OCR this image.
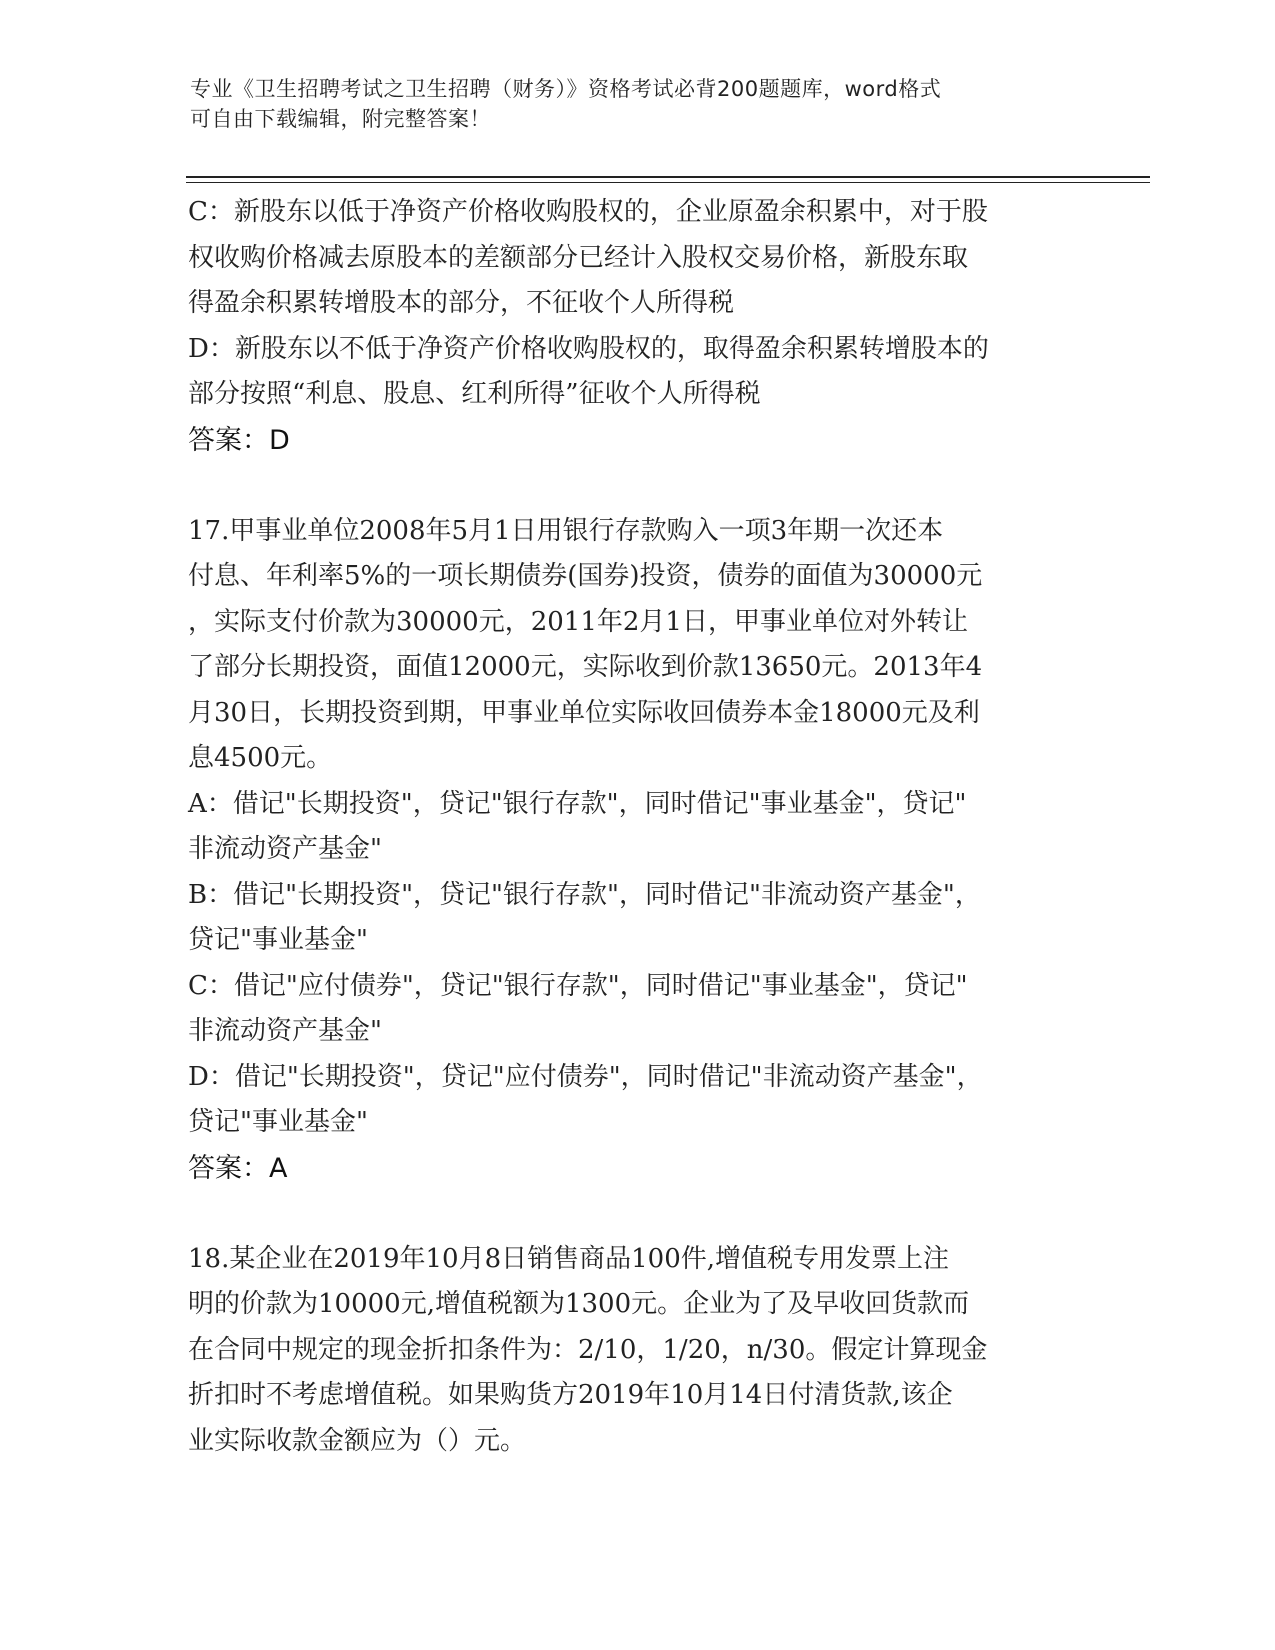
专业《卫生招聘考试之卫生招聘（财务）》资格考试必背200题题库，word格式
可自由下载编辑，附完整答案！
C：新股东以低于净资产价格收购股权的，企业原盈余积累中，对于股
权收购价格减去原股本的差额部分已经计入股权交易价格，新股东取
得盈余积累转增股本的部分，不征收个人所得税
D：新股东以不低于净资产价格收购股权的，取得盈余积累转增股本的
部分按照“利息、股息、红利所得”征收个人所得税
答案：D
17.甲事业单位2008年5月1日用银行存款购入一项3年期一次还本
付息、年利率5%的一项长期债券(国券)投资，债券的面值为30000元
，实际支付价款为30000元，2011年2月1日，甲事业单位对外转让
了部分长期投资，面值12000元，实际收到价款13650元。2013年4
月30日，长期投资到期，甲事业单位实际收回债券本金18000元及利
息4500元。
A：借记"长期投资"，贷记"银行存款"，同时借记"事业基金"，贷记"
非流动资产基金"
B：借记"长期投资"，贷记"银行存款"，同时借记"非流动资产基金"，
贷记"事业基金"
C：借记"应付债券"，贷记"银行存款"，同时借记"事业基金"，贷记"
非流动资产基金"
D：借记"长期投资"，贷记"应付债券"，同时借记"非流动资产基金"，
贷记"事业基金"
答案：A
18.某企业在2019年10月8日销售商品100件,增值税专用发票上注
明的价款为10000元,增值税额为1300元。企业为了及早收回货款而
在合同中规定的现金折扣条件为：2/10，1/20，n/30。假定计算现金
折扣时不考虑增值税。如果购货方2019年10月14日付清货款,该企
业实际收款金额应为（）元。
